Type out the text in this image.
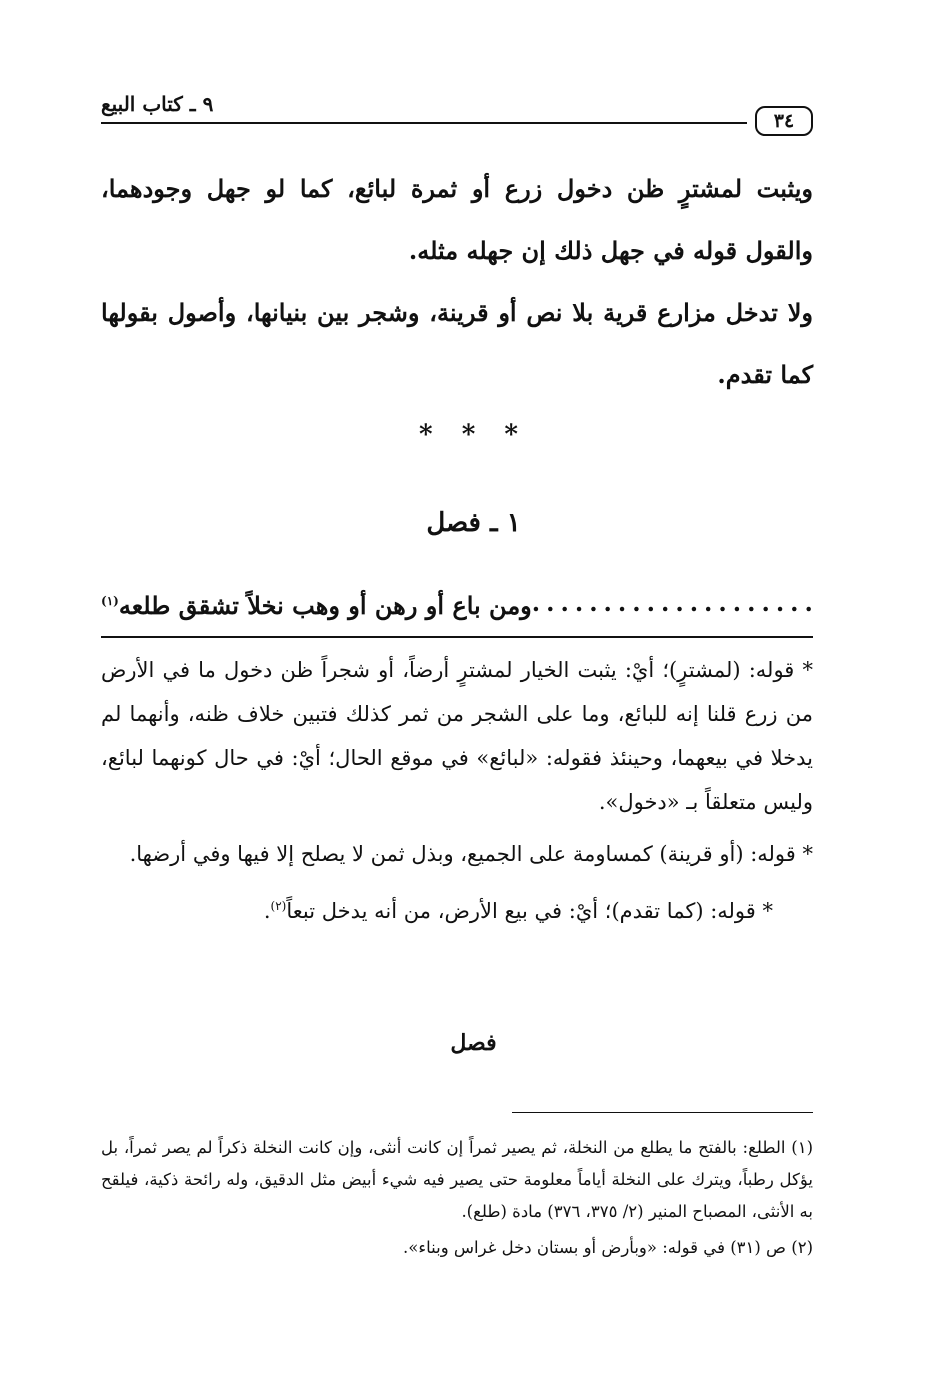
٩ ـ كتاب البيع
٣٤

ويثبت لمشترٍ ظن دخول زرع أو ثمرة لبائع، كما لو جهل وجودهما، والقول قوله في جهل ذلك إن جهله مثله.

ولا تدخل مزارع قرية بلا نص أو قرينة، وشجر بين بنيانها، وأصول بقولها كما تقدم.

* * *
١ ـ فصل
ومن باع أو رهن أو وهب نخلاً تشقق طلعه$^{(١)}$
.....

* قوله: (لمشترٍ)؛ أيْ: يثبت الخيار لمشترٍ أرضاً، أو شجراً ظن دخول ما في الأرض من زرع قلنا إنه للبائع، وما على الشجر من ثمر كذلك فتبين خلاف ظنه، وأنهما لم يدخلا في بيعهما، وحينئذ فقوله: «لبائع» في موقع الحال؛ أيْ: في حال كونهما لبائع، وليس متعلقاً بـ «دخول».

* قوله: (أو قرينة) كمساومة على الجميع، وبذل ثمن لا يصلح إلا فيها وفي أرضها.

* قوله: (كما تقدم)؛ أيْ: في بيع الأرض، من أنه يدخل تبعاً$^{(٢)}$.

فصل

(١) الطلع: بالفتح ما يطلع من النخلة، ثم يصير ثمراً إن كانت أنثى، وإن كانت النخلة ذكراً لم يصر ثمراً، بل يؤكل رطباً، ويترك على النخلة أياماً معلومة حتى يصير فيه شيء أبيض مثل الدقيق، وله رائحة ذكية، فيلقح به الأنثى، المصباح المنير (٢/ ٣٧٥، ٣٧٦) مادة (طلع).

(٢) ص (٣١) في قوله: «وبأرض أو بستان دخل غراس وبناء».
